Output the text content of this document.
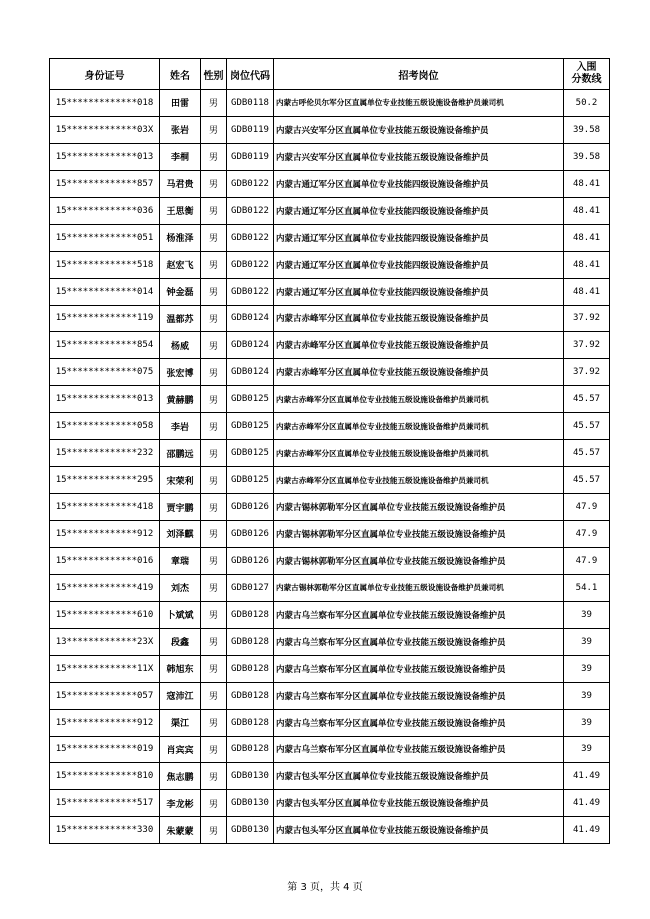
身份证号	姓名	性别	岗位代码	招考岗位	入围
分数线
15*************018	田雷	男	GDB0118	内蒙古呼伦贝尔军分区直属单位专业技能五级设施设备维护员兼司机	50.2
15*************03X	张岩	男	GDB0119	内蒙古兴安军分区直属单位专业技能五级设施设备维护员	39.58
15*************013	李桐	男	GDB0119	内蒙古兴安军分区直属单位专业技能五级设施设备维护员	39.58
15*************857	马君贵	男	GDB0122	内蒙古通辽军分区直属单位专业技能四级设施设备维护员	48.41
15*************036	王思衡	男	GDB0122	内蒙古通辽军分区直属单位专业技能四级设施设备维护员	48.41
15*************051	杨淮泽	男	GDB0122	内蒙古通辽军分区直属单位专业技能四级设施设备维护员	48.41
15*************518	赵宏飞	男	GDB0122	内蒙古通辽军分区直属单位专业技能四级设施设备维护员	48.41
15*************014	钟金磊	男	GDB0122	内蒙古通辽军分区直属单位专业技能四级设施设备维护员	48.41
15*************119	温都苏	男	GDB0124	内蒙古赤峰军分区直属单位专业技能五级设施设备维护员	37.92
15*************854	杨威	男	GDB0124	内蒙古赤峰军分区直属单位专业技能五级设施设备维护员	37.92
15*************075	张宏博	男	GDB0124	内蒙古赤峰军分区直属单位专业技能五级设施设备维护员	37.92
15*************013	黄赫鹏	男	GDB0125	内蒙古赤峰军分区直属单位专业技能五级设施设备维护员兼司机	45.57
15*************058	李岩	男	GDB0125	内蒙古赤峰军分区直属单位专业技能五级设施设备维护员兼司机	45.57
15*************232	邵鹏远	男	GDB0125	内蒙古赤峰军分区直属单位专业技能五级设施设备维护员兼司机	45.57
15*************295	宋荣利	男	GDB0125	内蒙古赤峰军分区直属单位专业技能五级设施设备维护员兼司机	45.57
15*************418	贾宇鹏	男	GDB0126	内蒙古锡林郭勒军分区直属单位专业技能五级设施设备维护员	47.9
15*************912	刘泽麒	男	GDB0126	内蒙古锡林郭勒军分区直属单位专业技能五级设施设备维护员	47.9
15*************016	章瑞	男	GDB0126	内蒙古锡林郭勒军分区直属单位专业技能五级设施设备维护员	47.9
15*************419	刘杰	男	GDB0127	内蒙古锡林郭勒军分区直属单位专业技能五级设施设备维护员兼司机	54.1
15*************610	卜斌斌	男	GDB0128	内蒙古乌兰察布军分区直属单位专业技能五级设施设备维护员	39
13*************23X	段鑫	男	GDB0128	内蒙古乌兰察布军分区直属单位专业技能五级设施设备维护员	39
15*************11X	韩旭东	男	GDB0128	内蒙古乌兰察布军分区直属单位专业技能五级设施设备维护员	39
15*************057	寇沛江	男	GDB0128	内蒙古乌兰察布军分区直属单位专业技能五级设施设备维护员	39
15*************912	渠江	男	GDB0128	内蒙古乌兰察布军分区直属单位专业技能五级设施设备维护员	39
15*************019	肖宾宾	男	GDB0128	内蒙古乌兰察布军分区直属单位专业技能五级设施设备维护员	39
15*************810	焦志鹏	男	GDB0130	内蒙古包头军分区直属单位专业技能五级设施设备维护员	41.49
15*************517	李龙彬	男	GDB0130	内蒙古包头军分区直属单位专业技能五级设施设备维护员	41.49
15*************330	朱蒙蒙	男	GDB0130	内蒙古包头军分区直属单位专业技能五级设施设备维护员	41.49
第 3 页，共 4 页
